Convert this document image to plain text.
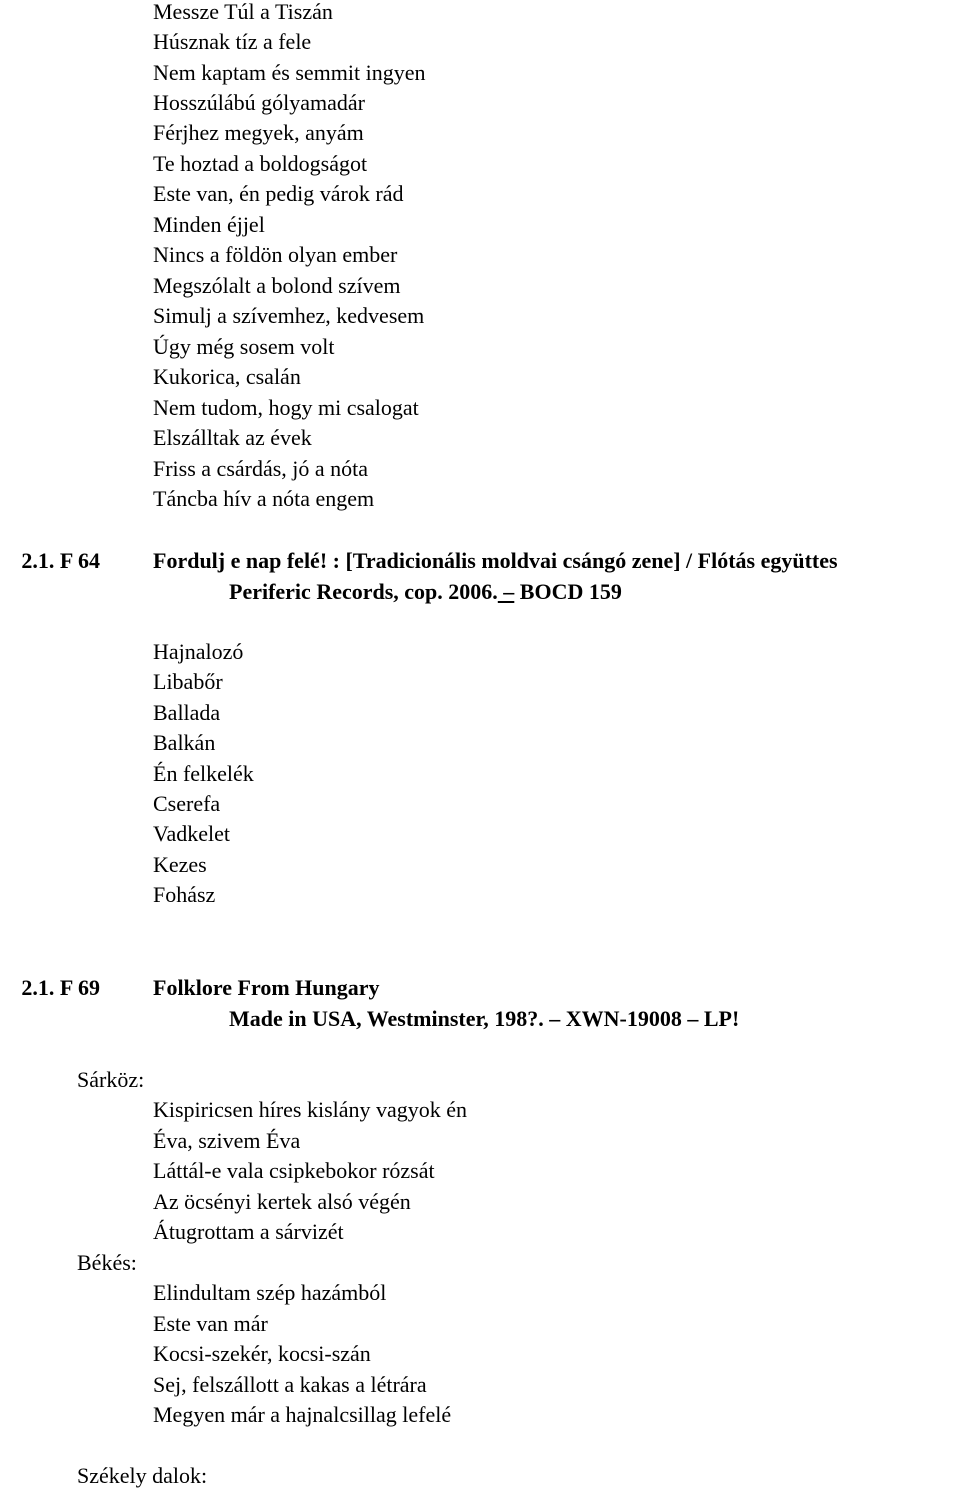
Messze Túl a Tiszán
Húsznak tíz a fele
Nem kaptam és semmit ingyen
Hosszúlábú gólyamadár
Férjhez megyek, anyám
Te hoztad a boldogságot
Este van, én pedig várok rád
Minden éjjel
Nincs a földön olyan ember
Megszólalt a bolond szívem
Simulj a szívemhez, kedvesem
Úgy még sosem volt
Kukorica, csalán
Nem tudom, hogy mi csalogat
Elszálltak az évek
Friss a csárdás, jó a nóta
Táncba hív a nóta engem
2.1. F 64 Fordulj e nap felé! : [Tradicionális moldvai csángó zene] / Flótás együttes
Periferic Records, cop. 2006. – BOCD 159
Hajnalozó
Libabőr
Ballada
Balkán
Én felkelék
Cserefa
Vadkelet
Kezes
Fohász
2.1. F 69 Folklore From Hungary
Made in USA, Westminster, 198?. – XWN-19008 – LP!
Sárköz:
Kispiricsen híres kislány vagyok én
Éva, szivem Éva
Láttál-e vala csipkebokor rózsát
Az öcsényi kertek alsó végén
Átugrottam a sárvizét
Békés:
Elindultam szép hazámból
Este van már
Kocsi-szekér, kocsi-szán
Sej, felszállott a kakas a létrára
Megyen már a hajnalcsillag lefelé
Székely dalok:
